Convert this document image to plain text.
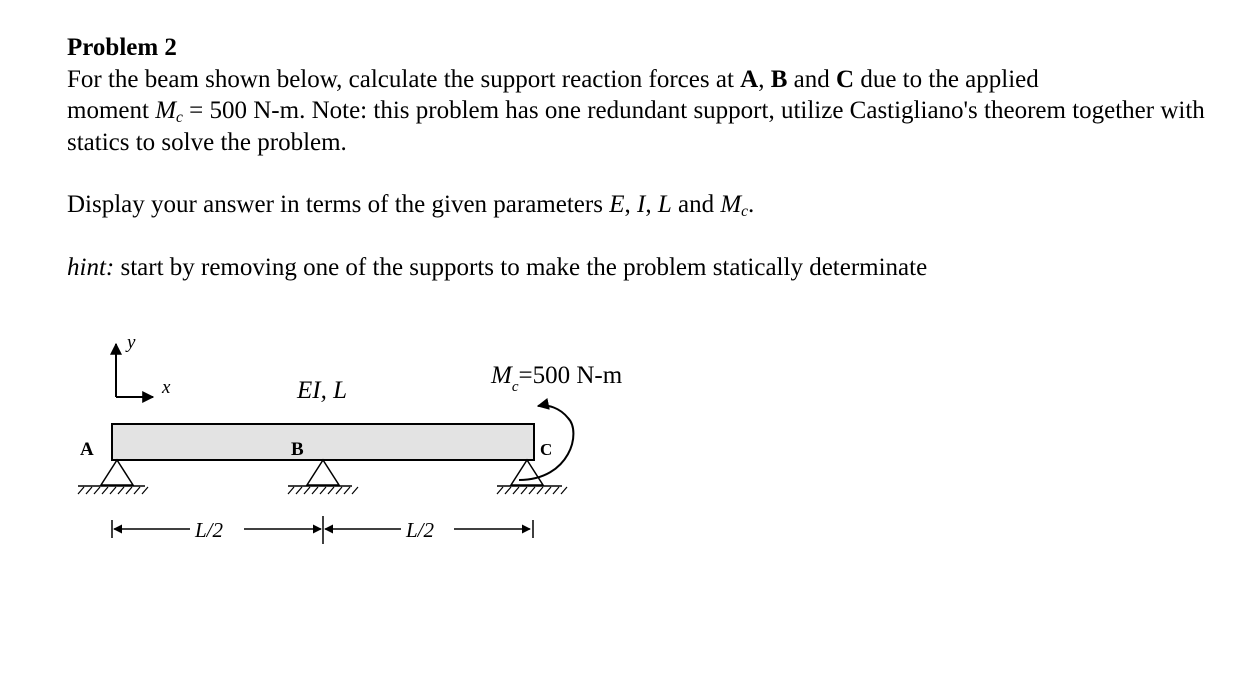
Problem 2

For the beam shown below, calculate the support reaction forces at A, B and C due to the applied
moment $M_c = 500$ N-m. Note: this problem has one redundant support, utilize Castigliano's theorem together with statics to solve the problem.

Display your answer in terms of the given parameters E, I, L and $M_c$.

hint: start by removing one of the supports to make the problem statically determinate

y
x	EI, L
A	B	C
$M_c=500$ N-m
L/2	L/2
